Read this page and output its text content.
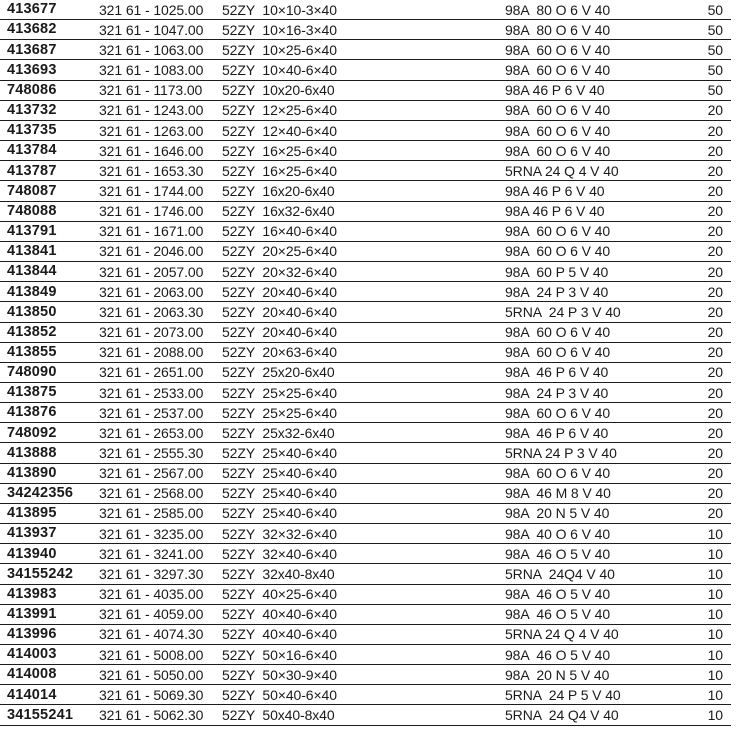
413677	321 61 - 1025.00	52ZY  10×10-3×40	98A  80 O 6 V 40	50
413682	321 61 - 1047.00	52ZY  10×16-3×40	98A  80 O 6 V 40	50
413687	321 61 - 1063.00	52ZY  10×25-6×40	98A  60 O 6 V 40	50
413693	321 61 - 1083.00	52ZY  10×40-6×40	98A  60 O 6 V 40	50
748086	321 61 - 1173.00	52ZY  10x20-6x40	98A 46 P 6 V 40	50
413732	321 61 - 1243.00	52ZY  12×25-6×40	98A  60 O 6 V 40	20
413735	321 61 - 1263.00	52ZY  12×40-6×40	98A  60 O 6 V 40	20
413784	321 61 - 1646.00	52ZY  16×25-6×40	98A  60 O 6 V 40	20
413787	321 61 - 1653.30	52ZY  16×25-6×40	5RNA 24 Q 4 V 40	20
748087	321 61 - 1744.00	52ZY  16x20-6x40	98A 46 P 6 V 40	20
748088	321 61 - 1746.00	52ZY  16x32-6x40	98A 46 P 6 V 40	20
413791	321 61 - 1671.00	52ZY  16×40-6×40	98A  60 O 6 V 40	20
413841	321 61 - 2046.00	52ZY  20×25-6×40	98A  60 O 6 V 40	20
413844	321 61 - 2057.00	52ZY  20×32-6×40	98A  60 P 5 V 40	20
413849	321 61 - 2063.00	52ZY  20×40-6×40	98A  24 P 3 V 40	20
413850	321 61 - 2063.30	52ZY  20×40-6×40	5RNA  24 P 3 V 40	20
413852	321 61 - 2073.00	52ZY  20×40-6×40	98A  60 O 6 V 40	20
413855	321 61 - 2088.00	52ZY  20×63-6×40	98A  60 O 6 V 40	20
748090	321 61 - 2651.00	52ZY  25x20-6x40	98A  46 P 6 V 40	20
413875	321 61 - 2533.00	52ZY  25×25-6×40	98A  24 P 3 V 40	20
413876	321 61 - 2537.00	52ZY  25×25-6×40	98A  60 O 6 V 40	20
748092	321 61 - 2653.00	52ZY  25x32-6x40	98A  46 P 6 V 40	20
413888	321 61 - 2555.30	52ZY  25×40-6×40	5RNA 24 P 3 V 40	20
413890	321 61 - 2567.00	52ZY  25×40-6×40	98A  60 O 6 V 40	20
34242356	321 61 - 2568.00	52ZY  25×40-6×40	98A  46 M 8 V 40	20
413895	321 61 - 2585.00	52ZY  25×40-6×40	98A  20 N 5 V 40	20
413937	321 61 - 3235.00	52ZY  32×32-6×40	98A  40 O 6 V 40	10
413940	321 61 - 3241.00	52ZY  32×40-6×40	98A  46 O 5 V 40	10
34155242	321 61 - 3297.30	52ZY  32x40-8x40	5RNA  24Q4 V 40	10
413983	321 61 - 4035.00	52ZY  40×25-6×40	98A  46 O 5 V 40	10
413991	321 61 - 4059.00	52ZY  40×40-6×40	98A  46 O 5 V 40	10
413996	321 61 - 4074.30	52ZY  40×40-6×40	5RNA 24 Q 4 V 40	10
414003	321 61 - 5008.00	52ZY  50×16-6×40	98A  46 O 5 V 40	10
414008	321 61 - 5050.00	52ZY  50×30-9×40	98A  20 N 5 V 40	10
414014	321 61 - 5069.30	52ZY  50×40-6×40	5RNA  24 P 5 V 40	10
34155241	321 61 - 5062.30	52ZY  50x40-8x40	5RNA  24 Q4 V 40	10
